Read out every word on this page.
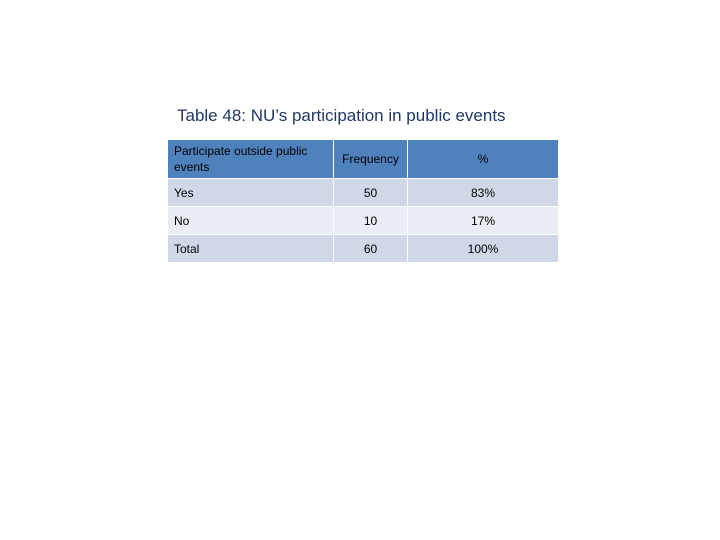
Table 48: NU’s participation in public events
Participate outside public events	Frequency	%
Yes	50	83%
No	10	17%
Total	60	100%
